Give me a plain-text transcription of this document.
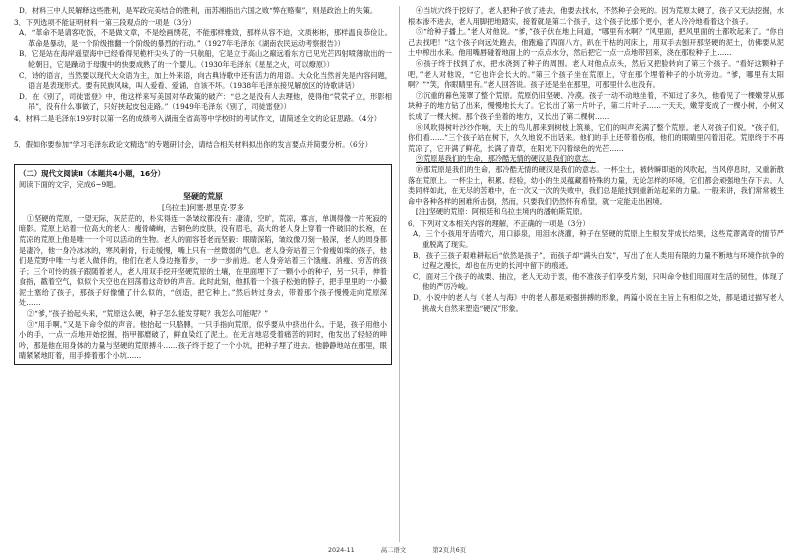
D．材料三中人民解释这些胜利，是军政完美结合的胜利，而苏湘指出六国之败“弊在赂秦”，则是政治上的失策。

3．下列选项不能证明材料一第三段观点的一项是（3分）

A．“革命不是请客吃饭，不是做文章，不是绘画绣花，不能那样雅致，那样从容不迫，文质彬彬，那样温良恭俭让。革命是暴动，是一个阶级推翻一个阶级的暴烈的行动。”（1927年毛泽东《湖南农民运动考察报告》）

B．它是站在海岸遥望海中已经看得见桅杆尖头了的一只航船，它是立于高山之巅远看东方已见光芒四射喷薄欲出的一轮朝日，它是躁动于母腹中的快要成熟了的一个婴儿。（1930年毛泽东《星星之火，可以燎原》）

C．诗的语言，当然要以现代大众语为主，加上外来语，向古典诗歌中还有活力的用语。大众化当然首先是内容问题，语言是表现形式。要有民族风味，叫人爱看、爱诵，自该不坏。（1938年毛泽东接见解放区的诗歌讲话）

D．在《别了，司徒雷登》中，他这样来写美国对华政策的破产：“总之是没有人去理他，使得他“茕茕孑立，形影相吊”，没有什么事做了，只好挟起皮包走路。”（1949年毛泽东《别了，司徒雷登》）

4．材料二是毛泽东19岁时以第一名的成绩考入湖南全省高等中学校时的考试作文，请简述全文的论证思路。（4分）

5．假如你要参加“学习毛泽东政论文精选”的专题研讨会，请结合相关材料拟出你的发言要点并简要分析。（6分）

（二）现代文阅读Ⅱ（本题共4小题，16分）

阅读下面的文字，完成6~9题。

坚硬的荒原
[乌拉圭]何塞·恩里克·罗多

①坚硬的荒原，一望无际，灰茫茫的，朴实得连一条皱纹都没有：凄清，空旷，荒凉，寡言，单调得像一片死寂的暗影。荒原上站着一位高大的老人：瘦骨嶙峋，古铜色的皮肤，没有眉毛，高大的老人身上穿着一件破旧的长袍，在荒凉的荒原上他是唯一一个可以活动的生物。老人的面容苍老而坚毅：眼睛深陷，皱纹像刀刻一般深，老人的周身都是凄冷，他一身冷冰冰的，寒风刺骨，行走缓慢，嘴上只有一丝微弱的气息。老人身旁站着三个骨瘦如柴的孩子，他们是荒野中唯一与老人做伴的，他们在老人身边拖着步，一步一步前进。老人身旁站着三个饿瘦、消瘦、穷苦的孩子；三个可怜的孩子跟随着老人，老人用双手挖开坚硬荒原的土壤，在里面埋下了一颗小小的种子，另一只手，伸着食指，戳着空气，似似个天空也在回荡着这奇妙的声音。此时此刻，他抓着一个孩子松弛的脖子，把手里里的一小撮泥土塞给了孩子，那孩子好像懂了什么似的，“创造，把它种上。”然后转过身去，带着那个孩子慢慢走向荒原深处……

②“爹，”孩子抬起头来，“荒原这么硬，种子怎么能发芽呢？我怎么可能呢？”

③“用手啊。”又是下命令似的声音。他抬起一只胳膊，一只手指向荒原，似乎要从中挤出什么。于是，孩子用他小小的手，一点一点地开始挖掘，指甲都磨破了，鲜血染红了泥土。在无言地忍受着痛苦的同时，他发出了轻轻的呻吟，那是他在用身体的力量与坚硬的荒原搏斗……孩子终于挖了一个小坑，把种子埋了进去。他静静地站在那里，眼睛紧紧地盯着，用手捧着那个小坑……

④当坑穴终于挖好了，老人把种子放了进去，他要去找水，不然种子会死的。因为荒原太硬了，孩子又无法挖掘，水根本渗不进去，老人用脚把地踏实，接着就是第二个孩子，这个孩子比那个更小，老人冷冷地看着这个孩子。

⑤“给种子播上。”老人对他说。“爹，”孩子伏在地上问道，“哪里有水啊？”风里面，把风里面的土都吹起来了。“你自己去找吧！”这个孩子向远处跑去，他跑遍了四面八方，趴在干枯的河床上，用双手去刨开那坚硬的泥土，仿佛要从泥土中榨出水来。他用嘴唇碰着地面上的一点点水分，然后把它一点一点地带回来，浇在那粒种子上……

⑥孩子终于找到了水，把水浇到了种子的周围。老人对他点点头，然后又把脸转向了第三个孩子。“看好这颗种子吧，”老人对他说，“它也许会长大的。”第三个孩子坐在荒原上，守在那个埋着种子的小坑旁边。“爹，哪里有太阳啊？”“笑，你眼睛里有。”老人回答说。孩子还是坐在那里，可那里什么也没有。

⑦沉重的暮色笼罩了整个荒原。荒原仍旧坚硬、冷漠。孩子一动不动地坐着，不知过了多久，他看见了一棵嫩芽从那块种子的地方钻了出来，慢慢地长大了。它长出了第一片叶子，第二片叶子……一天天，嫩芽变成了一棵小树，小树又长成了一棵大树。那个孩子坐着的地方，又长出了第二棵树……

⑧风吹得树叶沙沙作响，天上的鸟儿都来到树枝上筑巢，它们的叫声充满了整个荒原。老人对孩子们说，“孩子们，你们看……”三个孩子站在树下，久久地说不出话来。他们的手上还带着伤痕，他们的眼睛里闪着泪花。荒原终于不再荒凉了，它开满了鲜花，长满了青草，在阳光下闪着绿色的光芒……

⑨荒原是我们的生命，那冷酷无情的硬汉是我们的意志。

⑩那荒原是我们的生命，那冷酷无情的硬汉是我们的意志。一杯尘土，被转瞬即逝的风吹起，当风停息时，又重新散落在荒原上。一杯尘土，积累、经验，幼小的生灵蕴藏着特殊的力量，无论怎样的环境，它们都会顽强地生存下去。人类同样如此，在无尽的苦难中，在一次又一次的失败中，我们总是能找到重新站起来的力量。一般来讲，我们常常被生命中各种各样的困难所击倒，然而，只要我们仍然怀有希望，就一定能走出困境。

[注]坚硬的荒原：阿根廷和乌拉圭境内的潘帕斯荒原。

6．下列对文本相关内容的理解，不正确的一项是（3分）

A．三个小孩用牙齿啃穴，用口舔泉，用泪水浇灌，种子在坚硬的荒原上生根发芽成长结果，这些荒谬离奇的情节严重脱离了现实。

B．孩子三孩子艰难耕耘后“依然是孩子”，而孩子却“满头白发”，写出了在人类用有限的力量不断地与环境作抗争的过程之漫长，却也在历史的长河中留下的痕迹。

C．面对三个孩子的战栗、抽泣，老人无动于衷，他不准孩子们享受片刻，只叫命令他们用面对生活的韧性，体现了他的严厉冷峻。

D．小说中的老人与《老人与海》中的老人都是顽强拼搏的形象，两篇小说在主旨上有相似之处，都是通过描写老人挑战大自然来塑造“硬汉”形象。

2024-11	高二语文	第2页共6页
